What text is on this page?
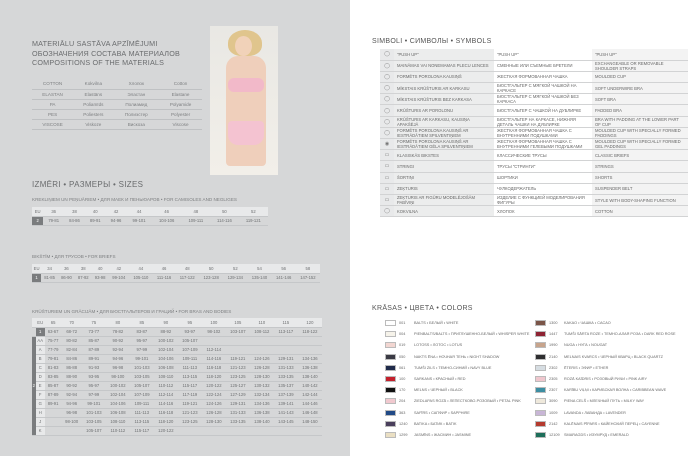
MATERIĀLU SASTĀVA APZĪMĒJUMI
ОБОЗНАЧЕНИЯ СОСТАВА МАТЕРИАЛОВ
COMPOSITIONS OF THE MATERIALS
COTTON	Kokvilna	Хлопок	Cotton
ELASTAN	Elastāns	Эластан	Elastane
PA	Poliamīds	Полиамид	Polyamide
PES	Poliesters	Полиэстер	Polyester
VISCOSE	Viskoze	Вискоза	Viscose
IZMĒRI • РАЗМЕРЫ • SIZES
KREKLIŅIEM UN PEŅUĀRIEM • ДЛЯ МАЕК И ПЕНЬЮАРОВ • FOR CAMISOLES AND NEGLIGES
EU	36	38	40	42	44	46	48	50	52
2	79-81	84-86	89-91	94-96	99-101	104-106	109-111	114-116	119-121
BIKŠTĪM • ДЛЯ ТРУСОВ • FOR BRIEFS
EU	34	36	38	40	42	44	46	48	50	52	54	56	58
1	81-85	86-90	87-92	93-98	99-104	105-110	111-116	117-122	123-128	129-134	135-140	141-146	147-152
KRŪŠTURIEM UN GRĀCIJĀM • ДЛЯ БЮСТГАЛЬТЕРОВ И ГРАЦИЙ • FOR BRAS AND BODIES
	EU	65	70	75	80	85	90	95	100	105	110	115	120
	1	63-67	68-72	73-77	78-82	83-87	88-92	93-97	98-102	103-107	108-112	113-117	118-122
2	AA	75-77	80-82	85-87	90-92	95-97	100-102	105-107					
	A	77-79	82-84	87-89	92-94	97-99	102-104	107-109	112-114				
	B	79-81	84-86	89-91	94-96	99-101	104-106	109-111	114-116	119-121	124-126	129-131	134-136
	C	81-83	86-88	91-93	96-98	101-103	106-108	111-113	116-118	121-123	126-128	131-133	136-138
	D	83-85	88-90	93-95	98-100	103-105	108-110	113-115	118-120	123-125	128-130	133-135	138-140
	E	85-87	90-92	95-97	100-102	105-107	110-112	115-117	120-122	125-127	130-132	135-137	140-142
	F	87-89	92-94	97-99	102-104	107-109	112-114	117-119	122-124	127-129	132-134	137-139	142-144
	G	89-91	94-96	99-101	104-106	109-111	114-116	119-121	124-126	129-131	134-136	139-141	144-146
	H		96-98	101-103	106-108	111-113	116-118	121-123	126-128	131-133	136-138	141-143	146-148
	J		98-100	103-105	108-110	113-115	118-120	123-125	128-130	133-135	138-140	143-145	148-150
	K			105-107	110-112	115-117	120-122						
SIMBOLI • СИМВОЛЫ • SYMBOLS
◯	"PUSH UP"	"PUSH UP"	"PUSH UP"
◯	MAINĀMAS VAI NONEMAMAS PLECU LENCES	СМЕННЫЕ ИЛИ СЪЕМНЫЕ БРЕТЕЛИ	EXCHANGEABLE OR REMOVABLE SHOULDER STRAPS
◯	FORMĒTS POROLONA KAUSIŅŠ	ЖЕСТКАЯ ФОРМОВАННАЯ ЧАШКА	MOULDED CUP
◯	MĪKSTAIS KRŪŠTURIS AR KARKASU	БЮСТГАЛЬТЕР С МЯГКОЙ ЧАШКОЙ НА КАРКАСЕ	SOFT UNDERWIRE BRA
◯	MĪKSTAIS KRŪŠTURIS BEZ KARKASA	БЮСТГАЛЬТЕР С МЯГКОЙ ЧАШКОЙ БЕЗ КАРКАСА	SOFT BRA
◯	KRŪŠTURIS AR POROLONU	БЮСТГАЛЬТЕР С ЧАШКОЙ НА ДУБЛИРКЕ	PADDED BRA
◯	KRŪŠTURIS AR KARKASU, KAUSIŅA APAKŠĒJĀ	БЮСТГАЛЬТЕР НА КАРКАСЕ, НИЖНЯЯ ДЕТАЛЬ ЧАШКИ НА ДУБЛИРКЕ	BRA WITH PADDING AT THE LOWER PART OF CUP
◯	FORMĒTS POROLONA KAUSIŅŠ AR IESTRĀDĀTIEM SPILVENTIŅIEM	ЖЕСТКАЯ ФОРМОВАННАЯ ЧАШКА С ВНУТРЕННИМИ ПОДУШКАМИ	MOULDED CUP WITH SPECIALLY FORMED PADDINGS
◉	FORMĒTS POROLONA KAUSIŅŠ AR IESTRĀDĀTIEM GĒLA SPILVENTIŅIEM	ЖЕСТКАЯ ФОРМОВАННАЯ ЧАШКА С ВНУТРЕННИМИ ГЕЛЕВЫМИ ПОДУШКАМИ	MOULDED CUP WITH SPECIALLY FORMED GEL PADDINGS
▭	KLASISKĀS BIKSTES	КЛАССИЧЕСКИЕ ТРУСЫ	CLASSIC BRIEFS
▭	STRINGI	ТРУСЫ "СТРИНГИ"	STRINGS
▭	ŠORTIŅI	ШОРТИКИ	SHORTS
▭	ZEĶTURIS	ЧУЛКОДЕРЖАТЕЛЬ	SUSPENDER BELT
▭	ZEĶTURIS AR FIGŪRU MODELĒJOŠĀM PABĪVIŅI	ИЗДЕЛИЕ С ФУНКЦИЕЙ МОДЕЛИРОВАНИЯ ФИГУРЫ	STYLE WITH BODY-SHAPING FUNCTION
◯	KOKVILNA	ХЛОПОК	COTTON
KRĀSAS • ЦВЕТА • COLORS
001	BALTS • БЕЛЫЙ • WHITE
004	PIENBALTS/BALTS • ПРИГЛУШЕННО-БЕЛЫЙ • WHISPER WHITE
019	LOTOSS • ЛОТОС • LOTUS
050	NAKTS ĒNA • НОЧНАЯ ТЕНЬ • NIGHT SHADOW
061	TUMŠI ZILS • ТЕМНО-СИНИЙ • NAVY BLUE
100	SARKANS • КРАСНЫЙ • RED
170	MELNS • ЧЕРНЫЙ • BLACK
204	ZIEDLAPAS ROZĀ • ЛЕПЕСТКОВО-РОЗОВЫЙ • PETAL PINK
363	SAFĪRS • САПФИР • SAPPHIRE
1240	BATIKA • БАТИК • BATIK
1299	JASMĪNS • ЖАСМИН • JASMINE
1300	KAKAO • ЧАШКА • CACAO
1447	TUMŠI SĀRTA ROZE • ТЕМНО-АЛАЯ РОЗА • DARK RED ROSE
1990	NUGA • НУГА • NOUGAT
2140	MELNAIS KVARCS • ЧЕРНЫЙ КВАРЦ • BLACK QUARTZ
2302	ĒTERIS • ЭФИР • ETHER
2305	ROZĀ KAĪDRIS • РОЗОВЫЙ РИЧИ • PINK AIRY
2307	KARĪBU VIĻŅI • КАРИБСКАЯ ВОЛНА • CARIBBEAN WAVE
3090	PIENA CELŠ • МЛЕЧНЫЙ ПУТЬ • MILKY WAY
1009	LAVANDA • ЛАВАНДА • LAVENDER
2142	KALĒNAIS PĪPARS • КАЙЕНСКИЙ ПЕРЕЦ • CAYENNE
12109	SMARAGDS • ИЗУМРУД • EMERALD
